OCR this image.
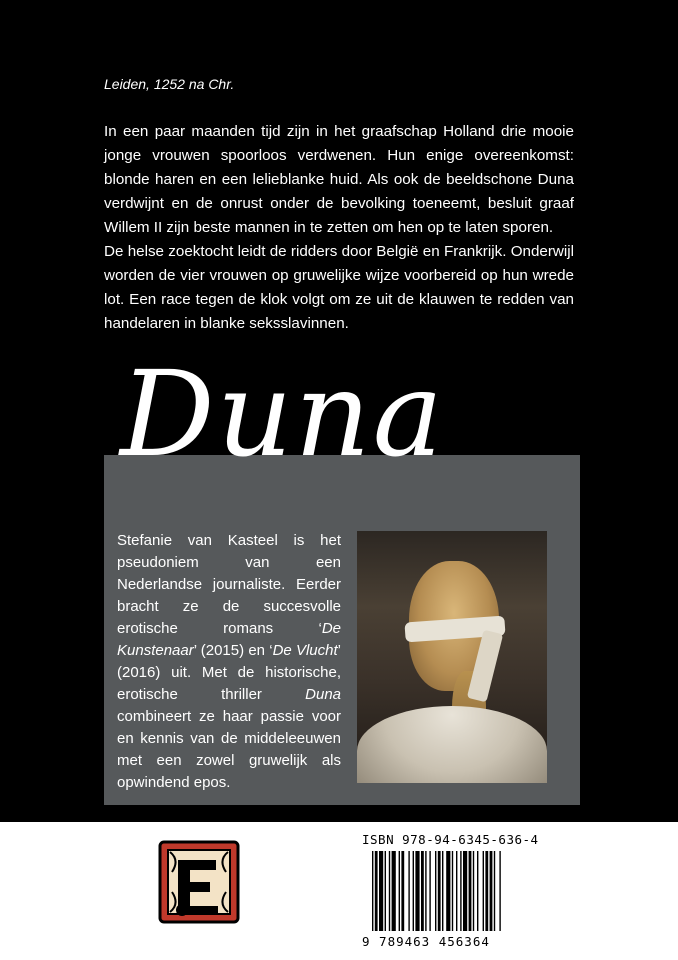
Leiden, 1252 na Chr.

In een paar maanden tijd zijn in het graafschap Holland drie mooie jonge vrouwen spoorloos verdwenen. Hun enige overeenkomst: blonde haren en een lelieblanke huid. Als ook de beeldschone Duna verdwijnt en de onrust onder de bevolking toeneemt, besluit graaf Willem II zijn beste mannen in te zetten om hen op te laten sporen.

De helse zoektocht leidt de ridders door België en Frankrijk. Onderwijl worden de vier vrouwen op gruwelijke wijze voorbereid op hun wrede lot. Een race tegen de klok volgt om ze uit de klauwen te redden van handelaren in blanke seksslavinnen.

Duna
Stefanie van Kasteel is het pseudoniem van een Nederlandse journaliste. Eerder bracht ze de succesvolle erotische romans ‘De Kunstenaar’ (2015) en ‘De Vlucht’ (2016) uit. Met de historische, erotische thriller Duna combineert ze haar passie voor en kennis van de middeleeuwen met een zowel gruwelijk als opwindend epos.
ISBN 978-94-6345-636-4
9 789463 456364
